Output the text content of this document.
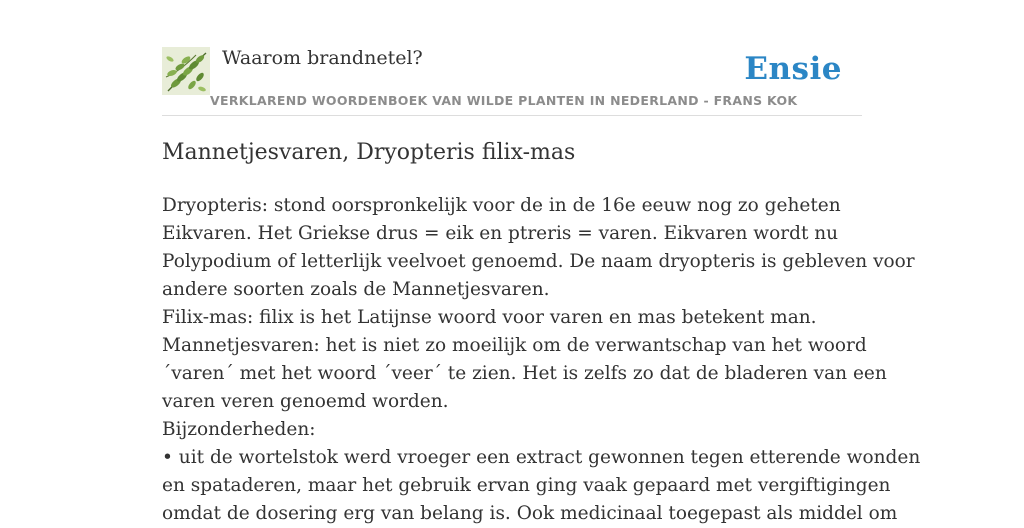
Waarom brandnetel?	Ensie
VERKLAREND WOORDENBOEK VAN WILDE PLANTEN IN NEDERLAND - FRANS KOK
Mannetjesvaren, Dryopteris filix-mas

Dryopteris: stond oorspronkelijk voor de in de 16e eeuw nog zo geheten

Eikvaren. Het Griekse drus = eik en ptreris = varen. Eikvaren wordt nu

Polypodium of letterlijk veelvoet genoemd. De naam dryopteris is gebleven voor

andere soorten zoals de Mannetjesvaren.

Filix-mas: filix is het Latijnse woord voor varen en mas betekent man.

Mannetjesvaren: het is niet zo moeilijk om de verwantschap van het woord

´varen´ met het woord ´veer´ te zien. Het is zelfs zo dat de bladeren van een

varen veren genoemd worden.

Bijzonderheden:

• uit de wortelstok werd vroeger een extract gewonnen tegen etterende wonden

en spataderen, maar het gebruik ervan ging vaak gepaard met vergiftigingen

omdat de dosering erg van belang is. Ook medicinaal toegepast als middel om
